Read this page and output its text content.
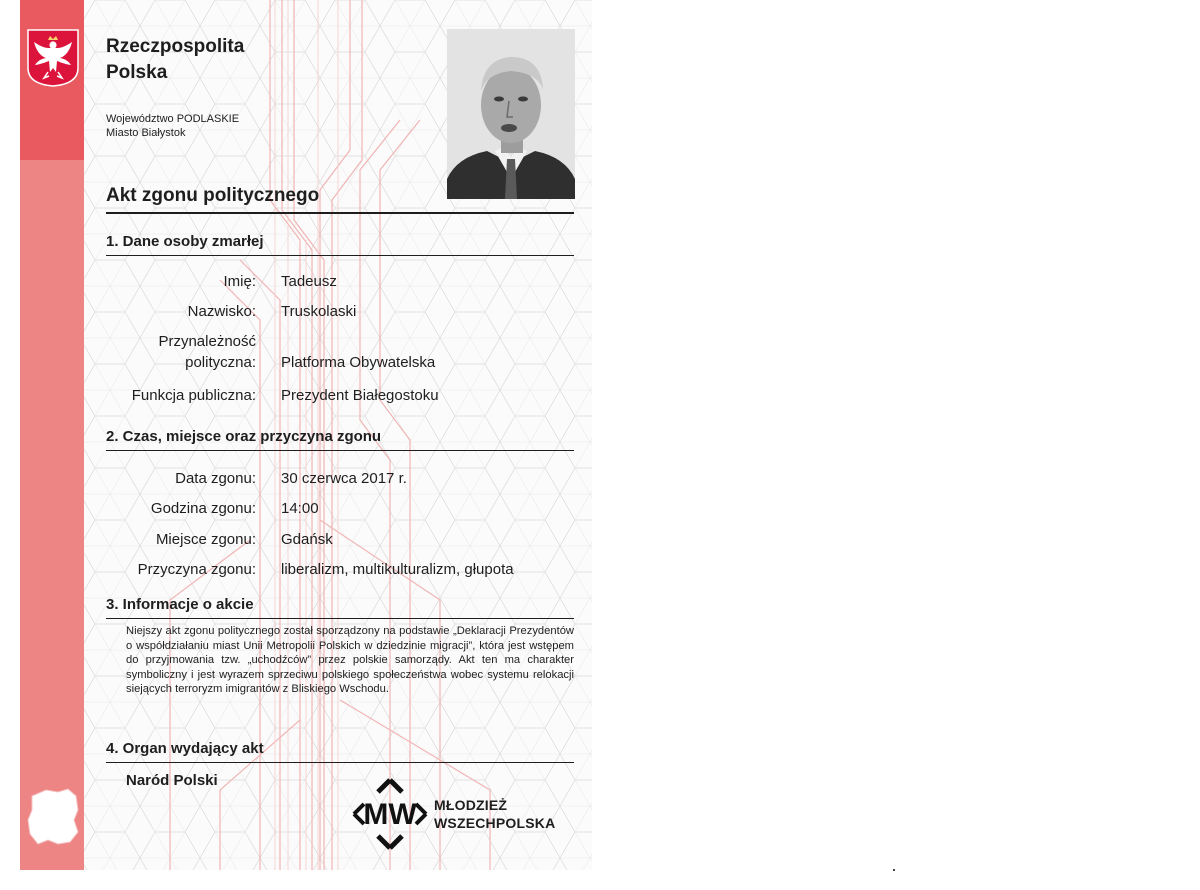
Rzeczpospolita
Polska
Województwo PODLASKIE
Miasto Białystok
Akt zgonu politycznego
1. Dane osoby zmarłej
Imię: Tadeusz
Nazwisko: Truskolaski
Przynależność
polityczna: Platforma Obywatelska
Funkcja publiczna: Prezydent Białegostoku
2. Czas, miejsce oraz przyczyna zgonu
Data zgonu: 30 czerwca 2017 r.
Godzina zgonu: 14:00
Miejsce zgonu: Gdańsk
Przyczyna zgonu: liberalizm, multikulturalizm, głupota
3. Informacje o akcie
Niejszy akt zgonu politycznego został sporządzony na podstawie „Deklaracji Prezydentów o współdziałaniu miast Unii Metropolii Polskich w dziedzinie migracji”, która jest wstępem do przyjmowania tzw. „uchodźców” przez polskie samorządy. Akt ten ma charakter symboliczny i jest wyrazem sprzeciwu polskiego społeczeństwa wobec systemu relokacji siejących terroryzm imigrantów z Bliskiego Wschodu.
4. Organ wydający akt
Naród Polski
MW MŁODZIEŻ
WSZECHPOLSKA
